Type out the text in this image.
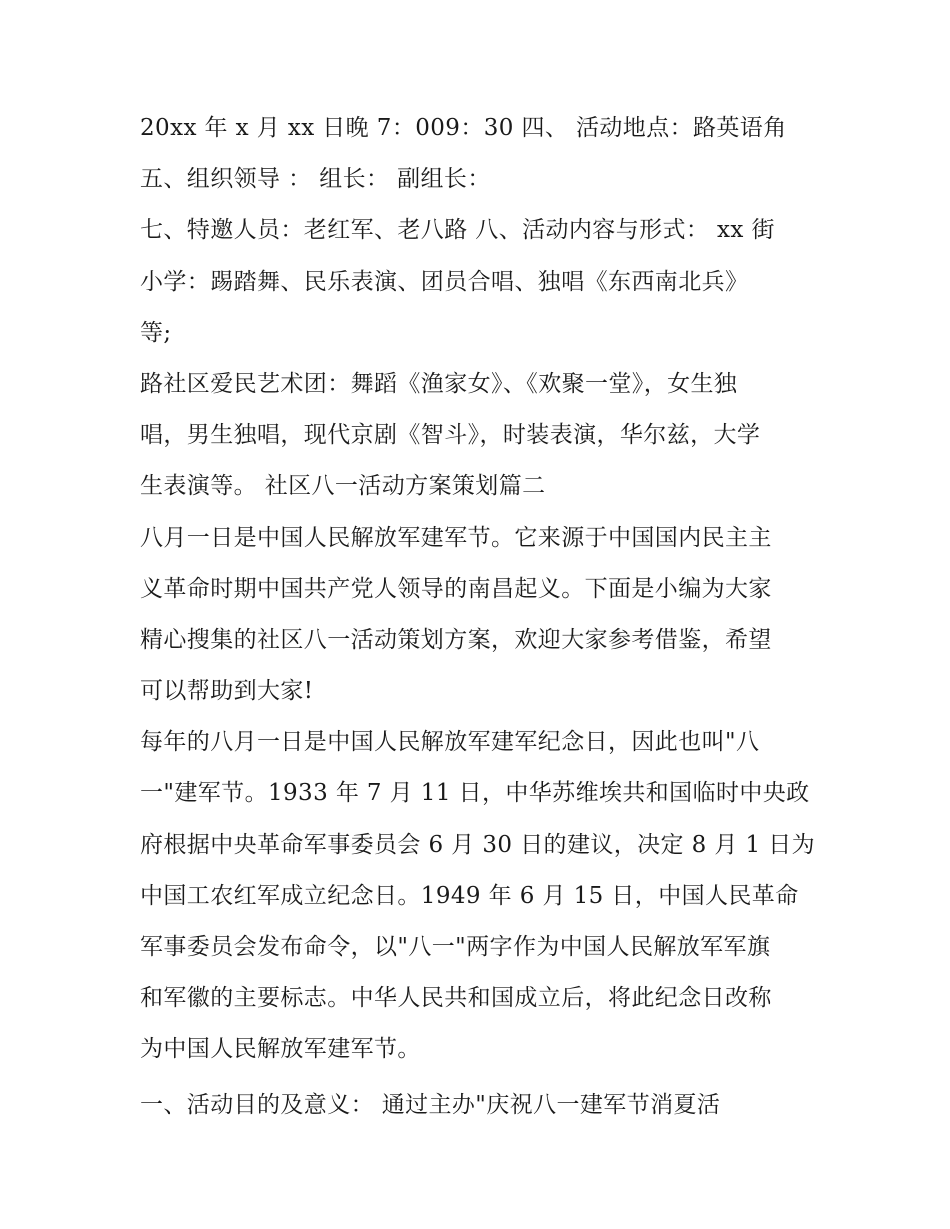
20xx 年 x 月 xx 日晚 7：009：30 四、 活动地点：路英语角
五、组织领导 ： 组长： 副组长：
七、特邀人员：老红军、老八路 八、活动内容与形式： xx 街
小学：踢踏舞、民乐表演、团员合唱、独唱《东西南北兵》
等;
路社区爱民艺术团：舞蹈《渔家女》、《欢聚一堂》，女生独
唱，男生独唱，现代京剧《智斗》，时装表演，华尔兹，大学
生表演等。 社区八一活动方案策划篇二
八月一日是中国人民解放军建军节。它来源于中国国内民主主
义革命时期中国共产党人领导的南昌起义。下面是小编为大家
精心搜集的社区八一活动策划方案，欢迎大家参考借鉴，希望
可以帮助到大家!
每年的八月一日是中国人民解放军建军纪念日，因此也叫"八
一"建军节。1933 年 7 月 11 日，中华苏维埃共和国临时中央政
府根据中央革命军事委员会 6 月 30 日的建议，决定 8 月 1 日为
中国工农红军成立纪念日。1949 年 6 月 15 日，中国人民革命
军事委员会发布命令，以"八一"两字作为中国人民解放军军旗
和军徽的主要标志。中华人民共和国成立后，将此纪念日改称
为中国人民解放军建军节。
一、活动目的及意义： 通过主办"庆祝八一建军节消夏活
